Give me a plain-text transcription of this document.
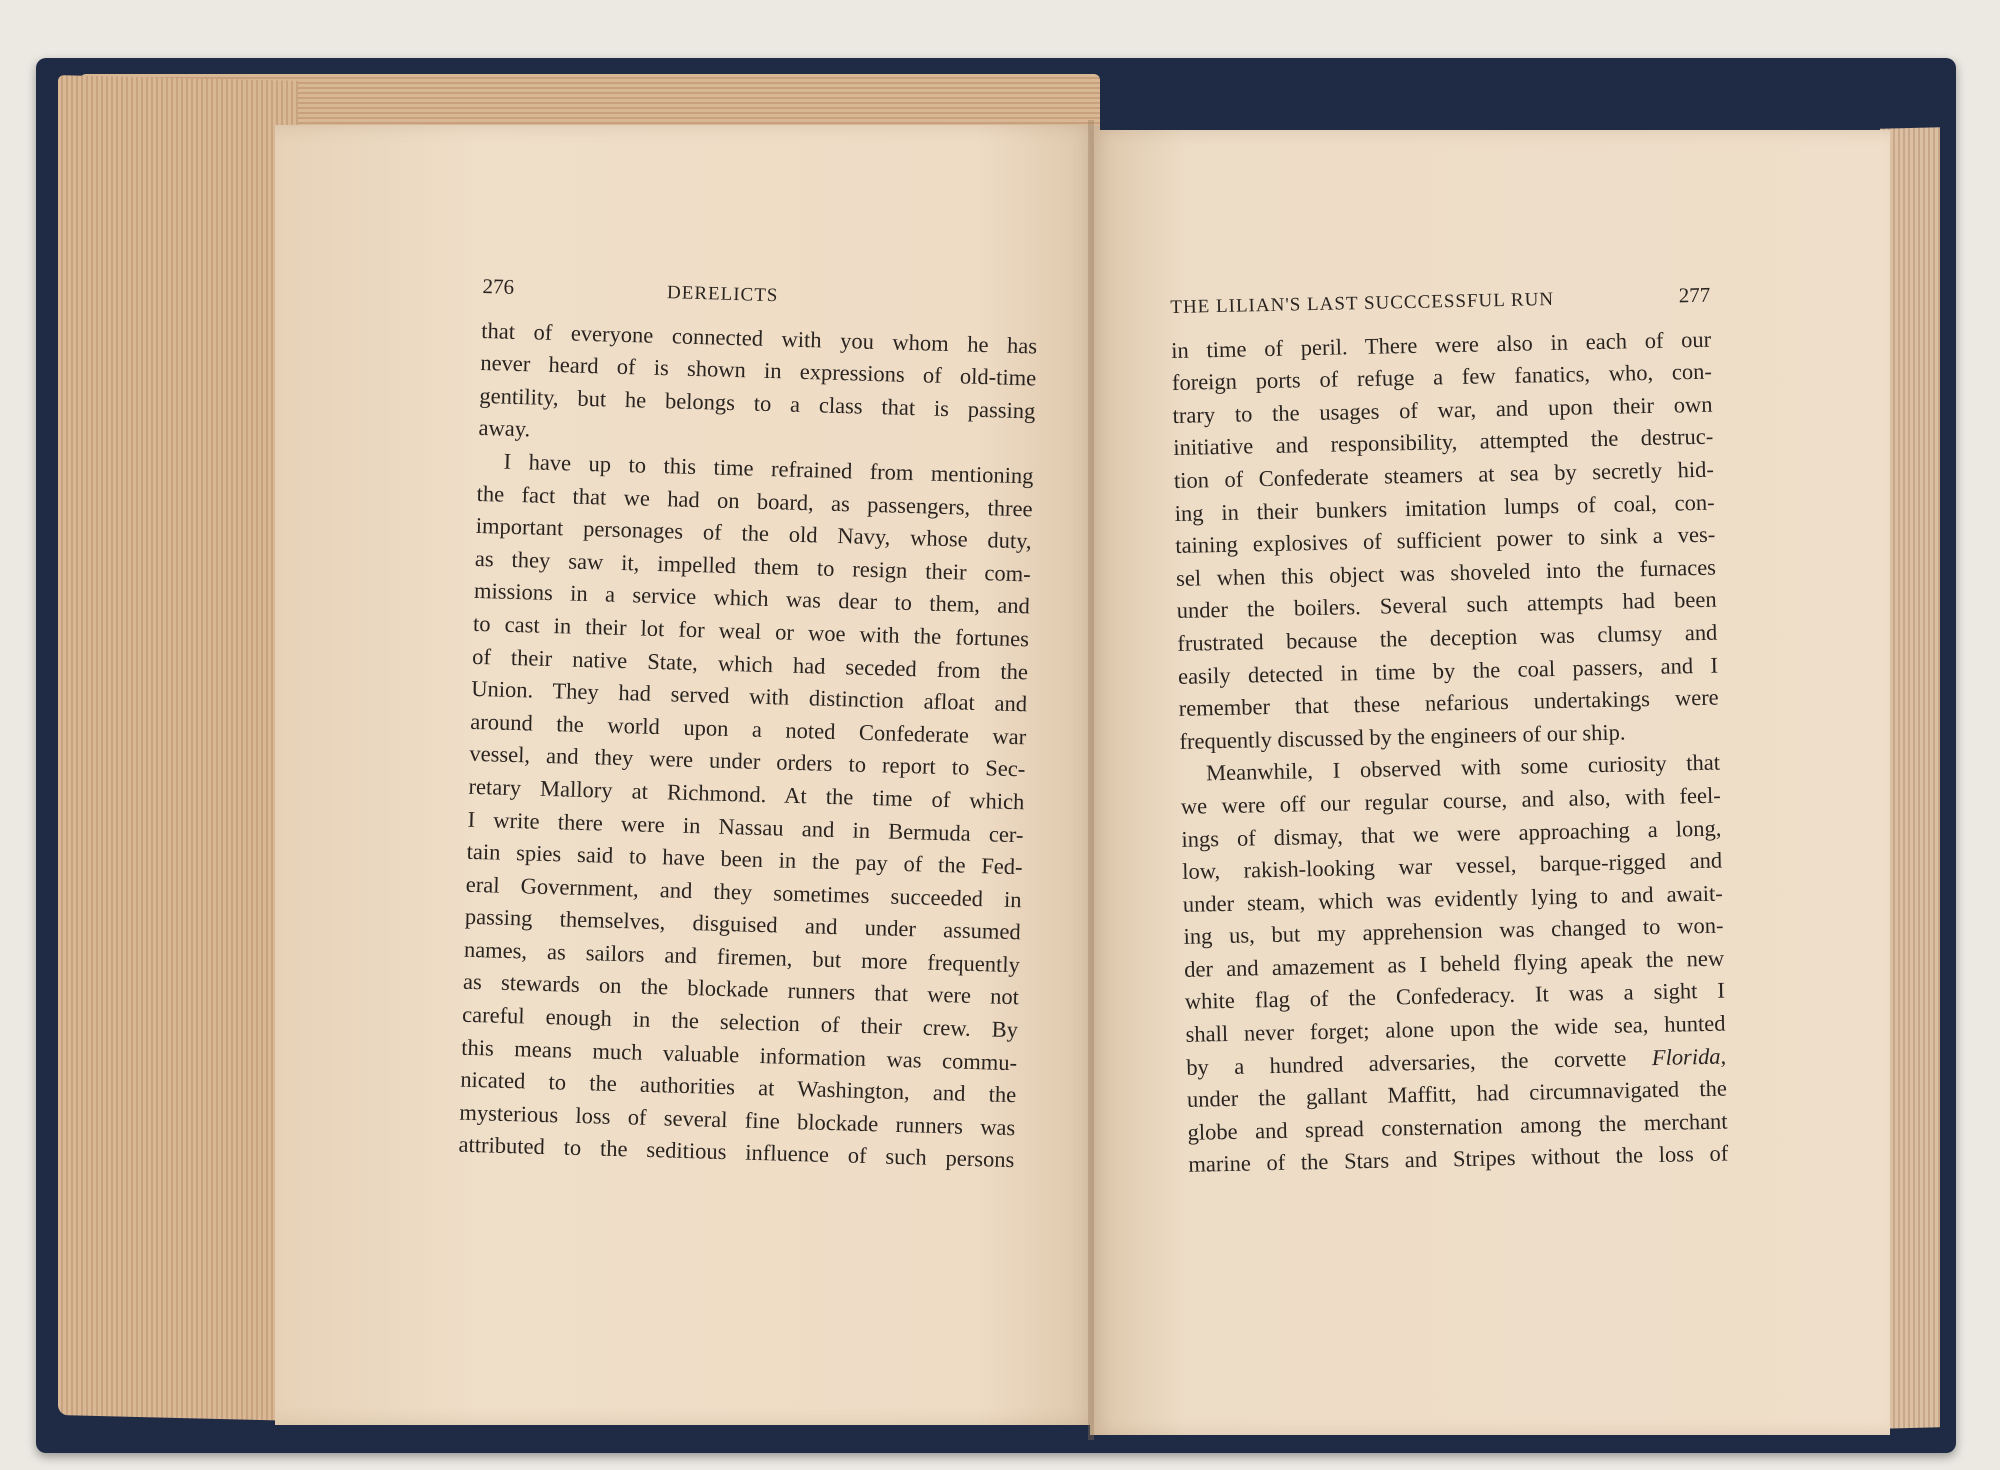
276	DERELICTS
that of everyone connected with you whom he has
never heard of is shown in expressions of old-time
gentility, but he belongs to a class that is passing
away.
I have up to this time refrained from mentioning
the fact that we had on board, as passengers, three
important personages of the old Navy, whose duty,
as they saw it, impelled them to resign their com-
missions in a service which was dear to them, and
to cast in their lot for weal or woe with the fortunes
of their native State, which had seceded from the
Union. They had served with distinction afloat and
around the world upon a noted Confederate war
vessel, and they were under orders to report to Sec-
retary Mallory at Richmond. At the time of which
I write there were in Nassau and in Bermuda cer-
tain spies said to have been in the pay of the Fed-
eral Government, and they sometimes succeeded in
passing themselves, disguised and under assumed
names, as sailors and firemen, but more frequently
as stewards on the blockade runners that were not
careful enough in the selection of their crew. By
this means much valuable information was commu-
nicated to the authorities at Washington, and the
mysterious loss of several fine blockade runners was
attributed to the seditious influence of such persons
THE LILIAN'S LAST SUCCCESSFUL RUN	277
in time of peril. There were also in each of our
foreign ports of refuge a few fanatics, who, con-
trary to the usages of war, and upon their own
initiative and responsibility, attempted the destruc-
tion of Confederate steamers at sea by secretly hid-
ing in their bunkers imitation lumps of coal, con-
taining explosives of sufficient power to sink a ves-
sel when this object was shoveled into the furnaces
under the boilers. Several such attempts had been
frustrated because the deception was clumsy and
easily detected in time by the coal passers, and I
remember that these nefarious undertakings were
frequently discussed by the engineers of our ship.
Meanwhile, I observed with some curiosity that
we were off our regular course, and also, with feel-
ings of dismay, that we were approaching a long,
low, rakish-looking war vessel, barque-rigged and
under steam, which was evidently lying to and await-
ing us, but my apprehension was changed to won-
der and amazement as I beheld flying apeak the new
white flag of the Confederacy. It was a sight I
shall never forget; alone upon the wide sea, hunted
by a hundred adversaries, the corvette Florida,
under the gallant Maffitt, had circumnavigated the
globe and spread consternation among the merchant
marine of the Stars and Stripes without the loss of
